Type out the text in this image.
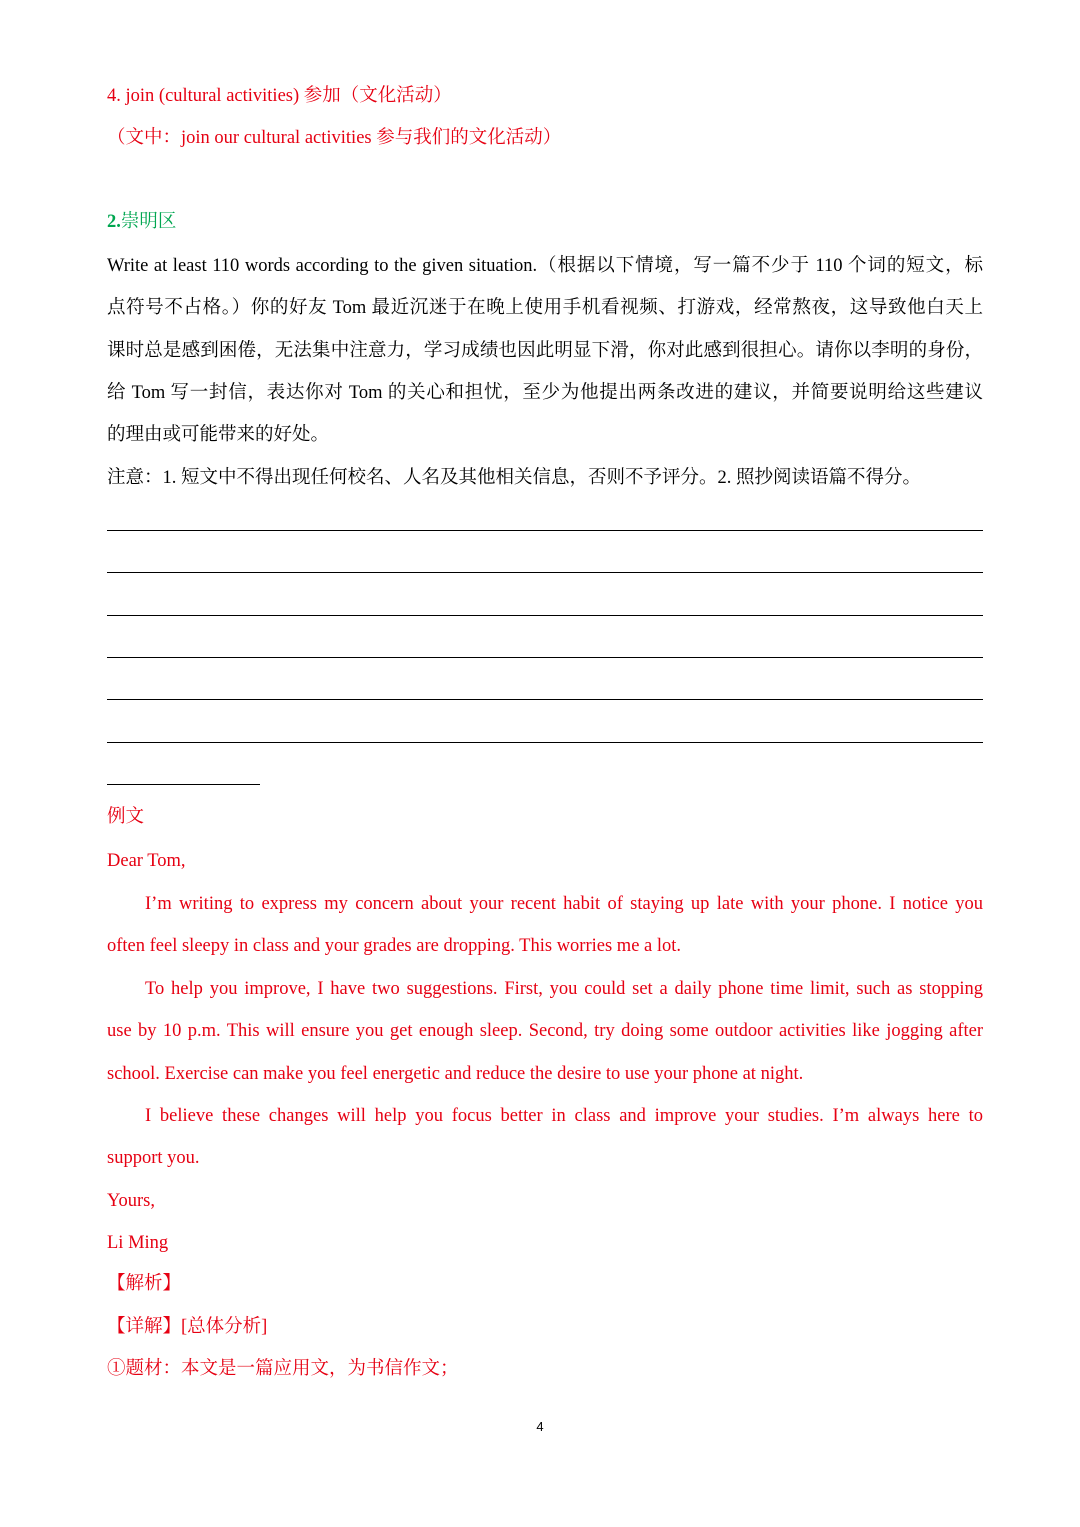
4. join (cultural activities) 参加（文化活动）
（文中：join our cultural activities 参与我们的文化活动）
2.崇明区
Write at least 110 words according to the given situation.（根据以下情境，写一篇不少于 110 个词的短文，标
点符号不占格。）你的好友 Tom 最近沉迷于在晚上使用手机看视频、打游戏，经常熬夜，这导致他白天上
课时总是感到困倦，无法集中注意力，学习成绩也因此明显下滑，你对此感到很担心。请你以李明的身份，
给 Tom 写一封信，表达你对 Tom 的关心和担忧，至少为他提出两条改进的建议，并简要说明给这些建议
的理由或可能带来的好处。
注意：1. 短文中不得出现任何校名、人名及其他相关信息，否则不予评分。2. 照抄阅读语篇不得分。
例文
Dear Tom,
I’m writing to express my concern about your recent habit of staying up late with your phone. I notice you
often feel sleepy in class and your grades are dropping. This worries me a lot.
To help you improve, I have two suggestions. First, you could set a daily phone time limit, such as stopping
use by 10 p.m. This will ensure you get enough sleep. Second, try doing some outdoor activities like jogging after
school. Exercise can make you feel energetic and reduce the desire to use your phone at night.
I believe these changes will help you focus better in class and improve your studies. I’m always here to
support you.
Yours,
Li Ming
【解析】
【详解】[总体分析]
①题材：本文是一篇应用文，为书信作文；
4
